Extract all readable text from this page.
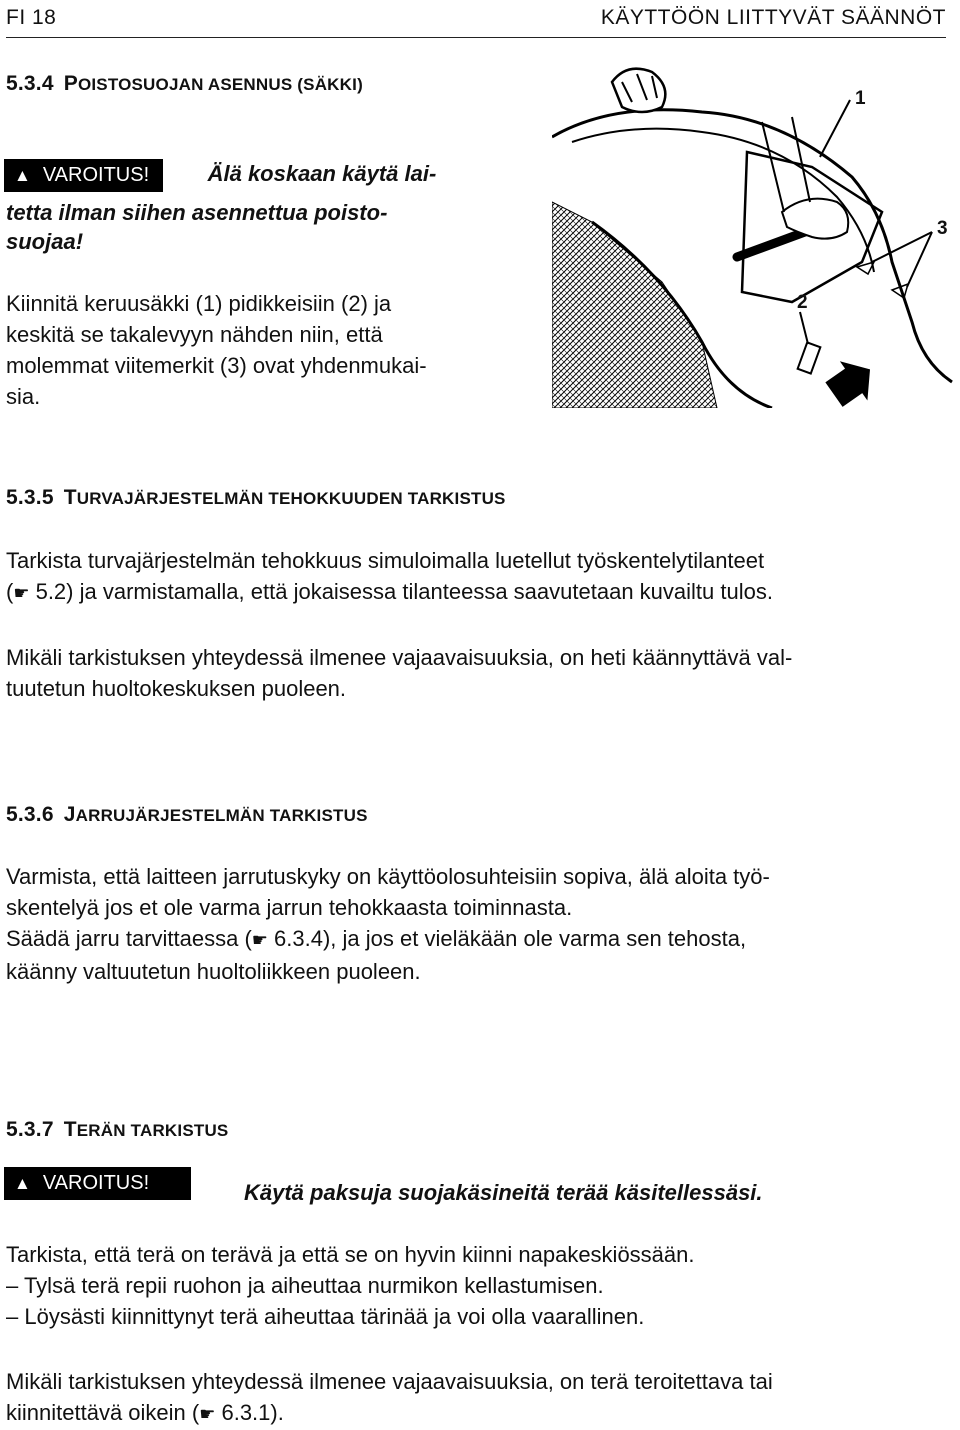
FI 18	KÄYTTÖÖN LIITTYVÄT SÄÄNNÖT
5.3.4 POISTOSUOJAN ASENNUS (SÄKKI)
▲ VAROITUS!	Älä koskaan käytä lai-
tetta ilman siihen asennettua poisto-
suojaa!

Kiinnitä keruusäkki (1) pidikkeisiin (2) ja

keskitä se takalevyyn nähden niin, että

molemmat viitemerkit (3) ovat yhdenmukai-

sia.

1
3
2
5.3.5 TURVAJÄRJESTELMÄN TEHOKKUUDEN TARKISTUS

Tarkista turvajärjestelmän tehokkuus simuloimalla luetellut työskentelytilanteet

(☛ 5.2) ja varmistamalla, että jokaisessa tilanteessa saavutetaan kuvailtu tulos.

Mikäli tarkistuksen yhteydessä ilmenee vajaavaisuuksia, on heti käännyttävä val-

tuutetun huoltokeskuksen puoleen.

5.3.6 JARRUJÄRJESTELMÄN TARKISTUS

Varmista, että laitteen jarrutuskyky on käyttöolosuhteisiin sopiva, älä aloita työ-

skentelyä jos et ole varma jarrun tehokkaasta toiminnasta.

Säädä jarru tarvittaessa (☛ 6.3.4), ja jos et vieläkään ole varma sen tehosta,

käänny valtuutetun huoltoliikkeen puoleen.

5.3.7 TERÄN TARKISTUS
▲ VAROITUS!	Käytä paksuja suojakäsineitä terää käsitellessäsi.

Tarkista, että terä on terävä ja että se on hyvin kiinni napakeskiössään.

– Tylsä terä repii ruohon ja aiheuttaa nurmikon kellastumisen.

– Löysästi kiinnittynyt terä aiheuttaa tärinää ja voi olla vaarallinen.

Mikäli tarkistuksen yhteydessä ilmenee vajaavaisuuksia, on terä teroitettava tai

kiinnitettävä oikein (☛ 6.3.1).
